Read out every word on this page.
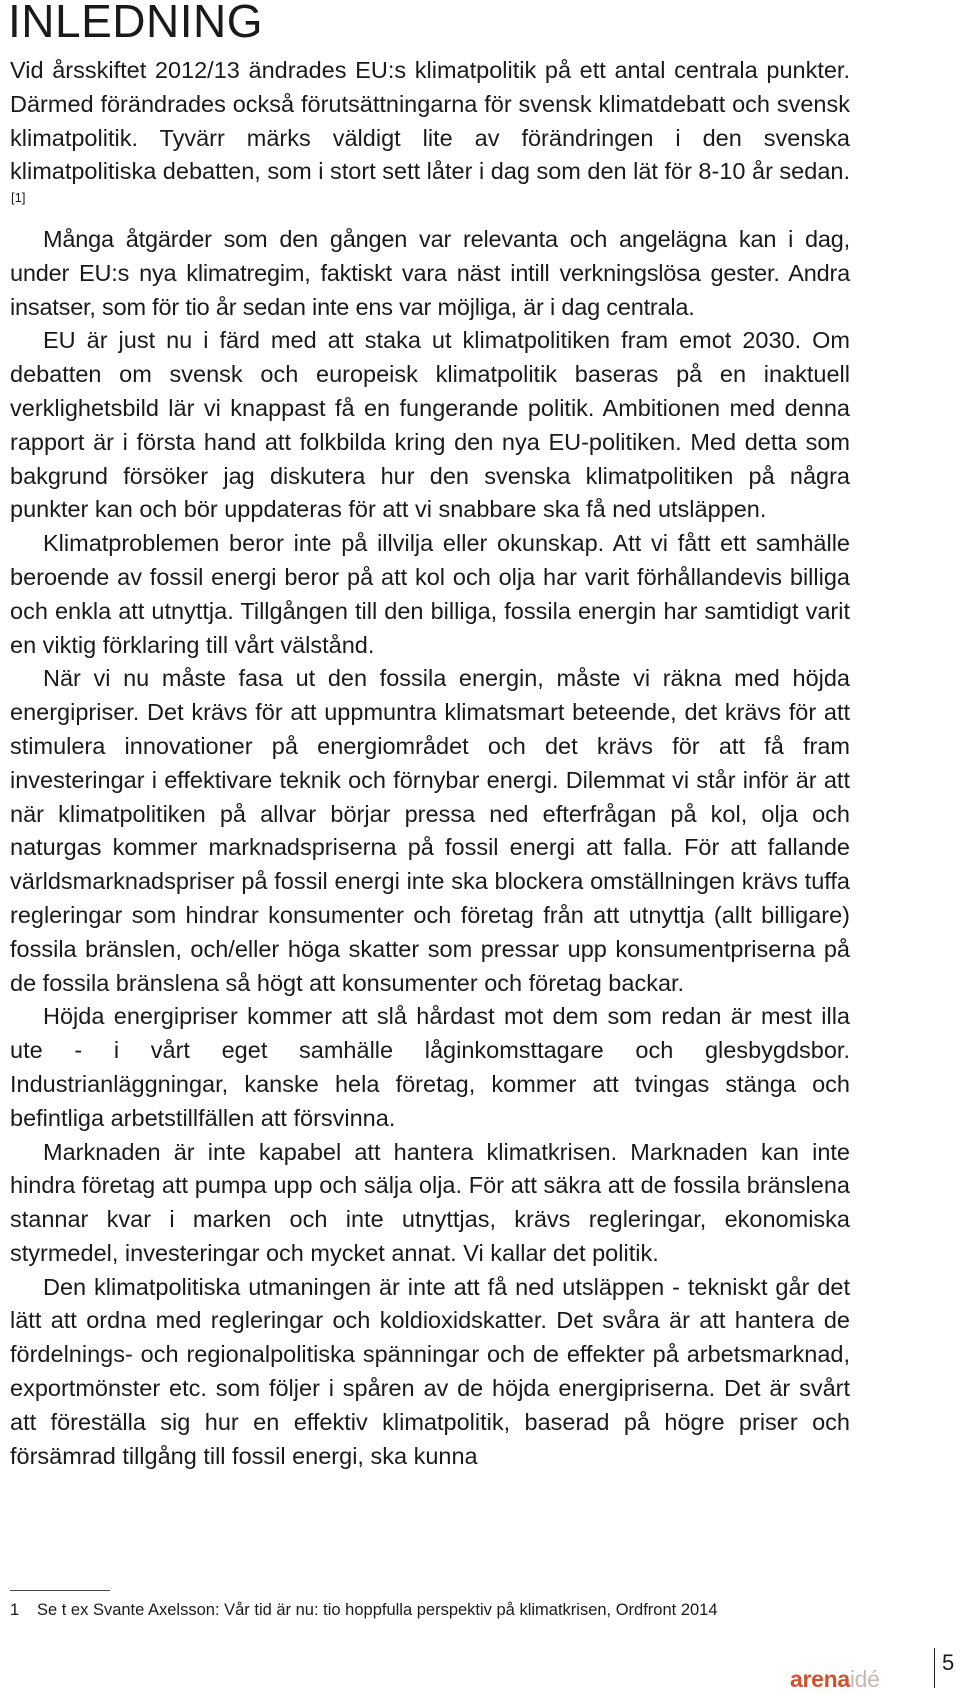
INLEDNING

Vid årsskiftet 2012/13 ändrades EU:s klimatpolitik på ett antal centrala punkter. Därmed förändrades också förutsättningarna för svensk klimatdebatt och svensk klimatpolitik. Tyvärr märks väldigt lite av förändringen i den svenska klimatpolitiska debatten, som i stort sett låter i dag som den lät för 8-10 år sedan.[1]

Många åtgärder som den gången var relevanta och angelägna kan i dag, under EU:s nya klimatregim, faktiskt vara näst intill verkningslösa gester. Andra insatser, som för tio år sedan inte ens var möjliga, är i dag centrala.

EU är just nu i färd med att staka ut klimatpolitiken fram emot 2030. Om debatten om svensk och europeisk klimatpolitik baseras på en inaktuell verklighetsbild lär vi knappast få en fungerande politik. Ambitionen med denna rapport är i första hand att folkbilda kring den nya EU-politiken. Med detta som bakgrund försöker jag diskutera hur den svenska klimatpolitiken på några punkter kan och bör uppdateras för att vi snabbare ska få ned utsläppen.

Klimatproblemen beror inte på illvilja eller okunskap. Att vi fått ett samhälle beroende av fossil energi beror på att kol och olja har varit förhållandevis billiga och enkla att utnyttja. Tillgången till den billiga, fossila energin har samtidigt varit en viktig förklaring till vårt välstånd.

När vi nu måste fasa ut den fossila energin, måste vi räkna med höjda energipriser. Det krävs för att uppmuntra klimatsmart beteende, det krävs för att stimulera innovationer på energiområdet och det krävs för att få fram investeringar i effektivare teknik och förnybar energi. Dilemmat vi står inför är att när klimatpolitiken på allvar börjar pressa ned efterfrågan på kol, olja och naturgas kommer marknadspriserna på fossil energi att falla. För att fallande världsmarknadspriser på fossil energi inte ska blockera omställningen krävs tuffa regleringar som hindrar konsumenter och företag från att utnyttja (allt billigare) fossila bränslen, och/eller höga skatter som pressar upp konsumentpriserna på de fossila bränslena så högt att konsumenter och företag backar.

Höjda energipriser kommer att slå hårdast mot dem som redan är mest illa ute - i vårt eget samhälle låginkomsttagare och glesbygdsbor. Industrianläggningar, kanske hela företag, kommer att tvingas stänga och befintliga arbetstillfällen att försvinna.

Marknaden är inte kapabel att hantera klimatkrisen. Marknaden kan inte hindra företag att pumpa upp och sälja olja. För att säkra att de fossila bränslena stannar kvar i marken och inte utnyttjas, krävs regleringar, ekonomiska styrmedel, investeringar och mycket annat. Vi kallar det politik.

Den klimatpolitiska utmaningen är inte att få ned utsläppen - tekniskt går det lätt att ordna med regleringar och koldioxidskatter. Det svåra är att hantera de fördelnings- och regionalpolitiska spänningar och de effekter på arbetsmarknad, exportmönster etc. som följer i spåren av de höjda energipriserna. Det är svårt att föreställa sig hur en effektiv klimatpolitik, baserad på högre priser och försämrad tillgång till fossil energi, ska kunna

1 Se t ex Svante Axelsson: Vår tid är nu: tio hoppfulla perspektiv på klimatkrisen, Ordfront 2014
arenaidé
5
